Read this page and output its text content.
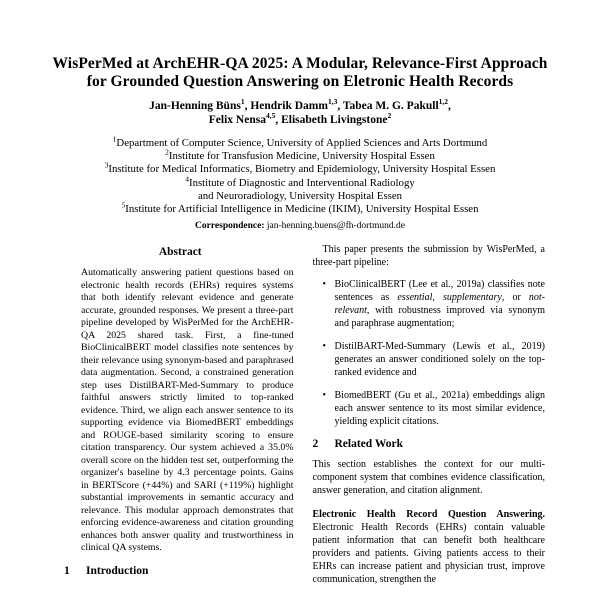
WisPerMed at ArchEHR-QA 2025: A Modular, Relevance-First Approach for Grounded Question Answering on Eletronic Health Records
Jan-Henning Büns$^1$, Hendrik Damm$^{1,3}$, Tabea M. G. Pakull$^{1,2}$,
Felix Nensa$^{4,5}$, Elisabeth Livingstone$^2$
$^1$Department of Computer Science, University of Applied Sciences and Arts Dortmund
$^2$Institute for Transfusion Medicine, University Hospital Essen
$^3$Institute for Medical Informatics, Biometry and Epidemiology, University Hospital Essen
$^4$Institute of Diagnostic and Interventional Radiology
and Neuroradiology, University Hospital Essen
$^5$Institute for Artificial Intelligence in Medicine (IKIM), University Hospital Essen
Correspondence: jan-henning.buens@fh-dortmund.de
Abstract
Automatically answering patient questions based on electronic health records (EHRs) requires systems that both identify relevant evidence and generate accurate, grounded responses. We present a three-part pipeline developed by WisPerMed for the ArchEHR-QA 2025 shared task. First, a fine-tuned BioClinicalBERT model classifies note sentences by their relevance using synonym-based and paraphrased data augmentation. Second, a constrained generation step uses DistilBART-Med-Summary to produce faithful answers strictly limited to top-ranked evidence. Third, we align each answer sentence to its supporting evidence via BiomedBERT embeddings and ROUGE-based similarity scoring to ensure citation transparency. Our system achieved a 35.0% overall score on the hidden test set, outperforming the organizer's baseline by 4.3 percentage points. Gains in BERTScore (+44%) and SARI (+119%) highlight substantial improvements in semantic accuracy and relevance. This modular approach demonstrates that enforcing evidence-awareness and citation grounding enhances both answer quality and trustworthiness in clinical QA systems.
1 Introduction

This paper presents the submission by WisPerMed, a three-part pipeline:

• BioClinicalBERT (Lee et al., 2019a) classifies note sentences as essential, supplementary, or not-relevant, with robustness improved via synonym and paraphrase augmentation;
• DistilBART-Med-Summary (Lewis et al., 2019) generates an answer conditioned solely on the top-ranked evidence and
• BiomedBERT (Gu et al., 2021a) embeddings align each answer sentence to its most similar evidence, yielding explicit citations.
2 Related Work

This section establishes the context for our multi-component system that combines evidence classification, answer generation, and citation alignment.

Electronic Health Record Question Answering. Electronic Health Records (EHRs) contain valuable patient information that can benefit both healthcare providers and patients. Giving patients access to their EHRs can increase patient and physician trust, improve communication, strengthen the
